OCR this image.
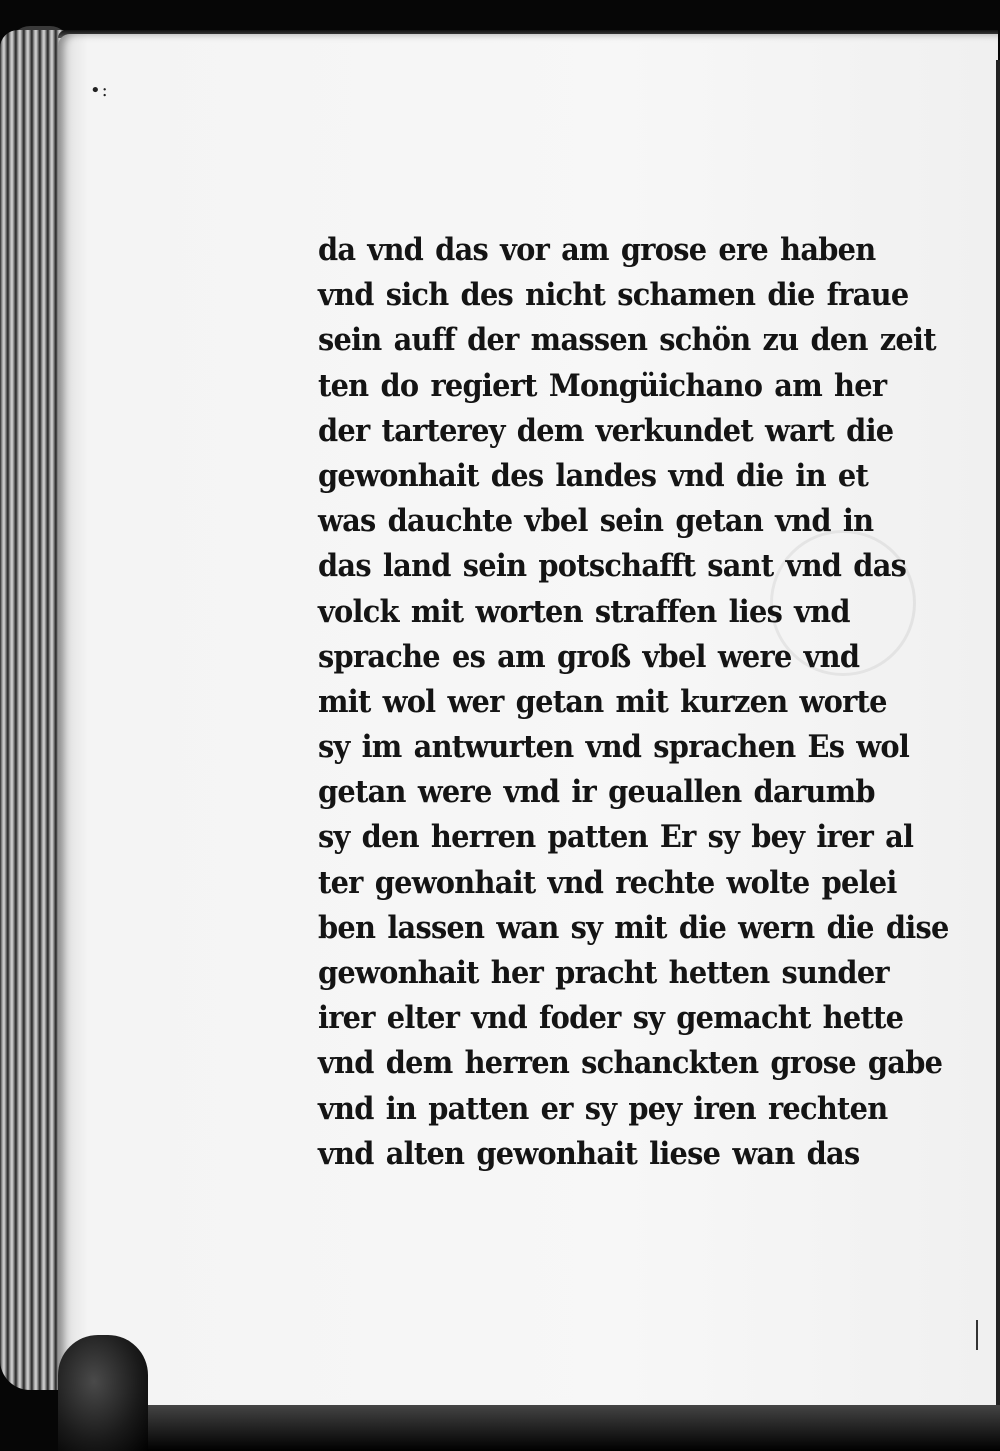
•:
da vnd das vor am grose ere haben
vnd sich des nicht schamen die fraue
sein auff der massen schön zu den zeit
ten do regiert Mongüichano am her
der tarterey dem verkundet wart die
gewonhait des landes vnd die in et
was dauchte vbel sein getan vnd in
das land sein potschafft sant vnd das
volck mit worten straffen lies vnd
sprache es am groß vbel were vnd
mit wol wer getan mit kurzen worte
sy im antwurten vnd sprachen Es wol
getan were vnd ir geuallen darumb
sy den herren patten Er sy bey irer al
ter gewonhait vnd rechte wolte pelei
ben lassen wan sy mit die wern die dise
gewonhait her pracht hetten sunder
irer elter vnd foder sy gemacht hette
vnd dem herren schanckten grose gabe
vnd in patten er sy pey iren rechten
vnd alten gewonhait liese wan das
